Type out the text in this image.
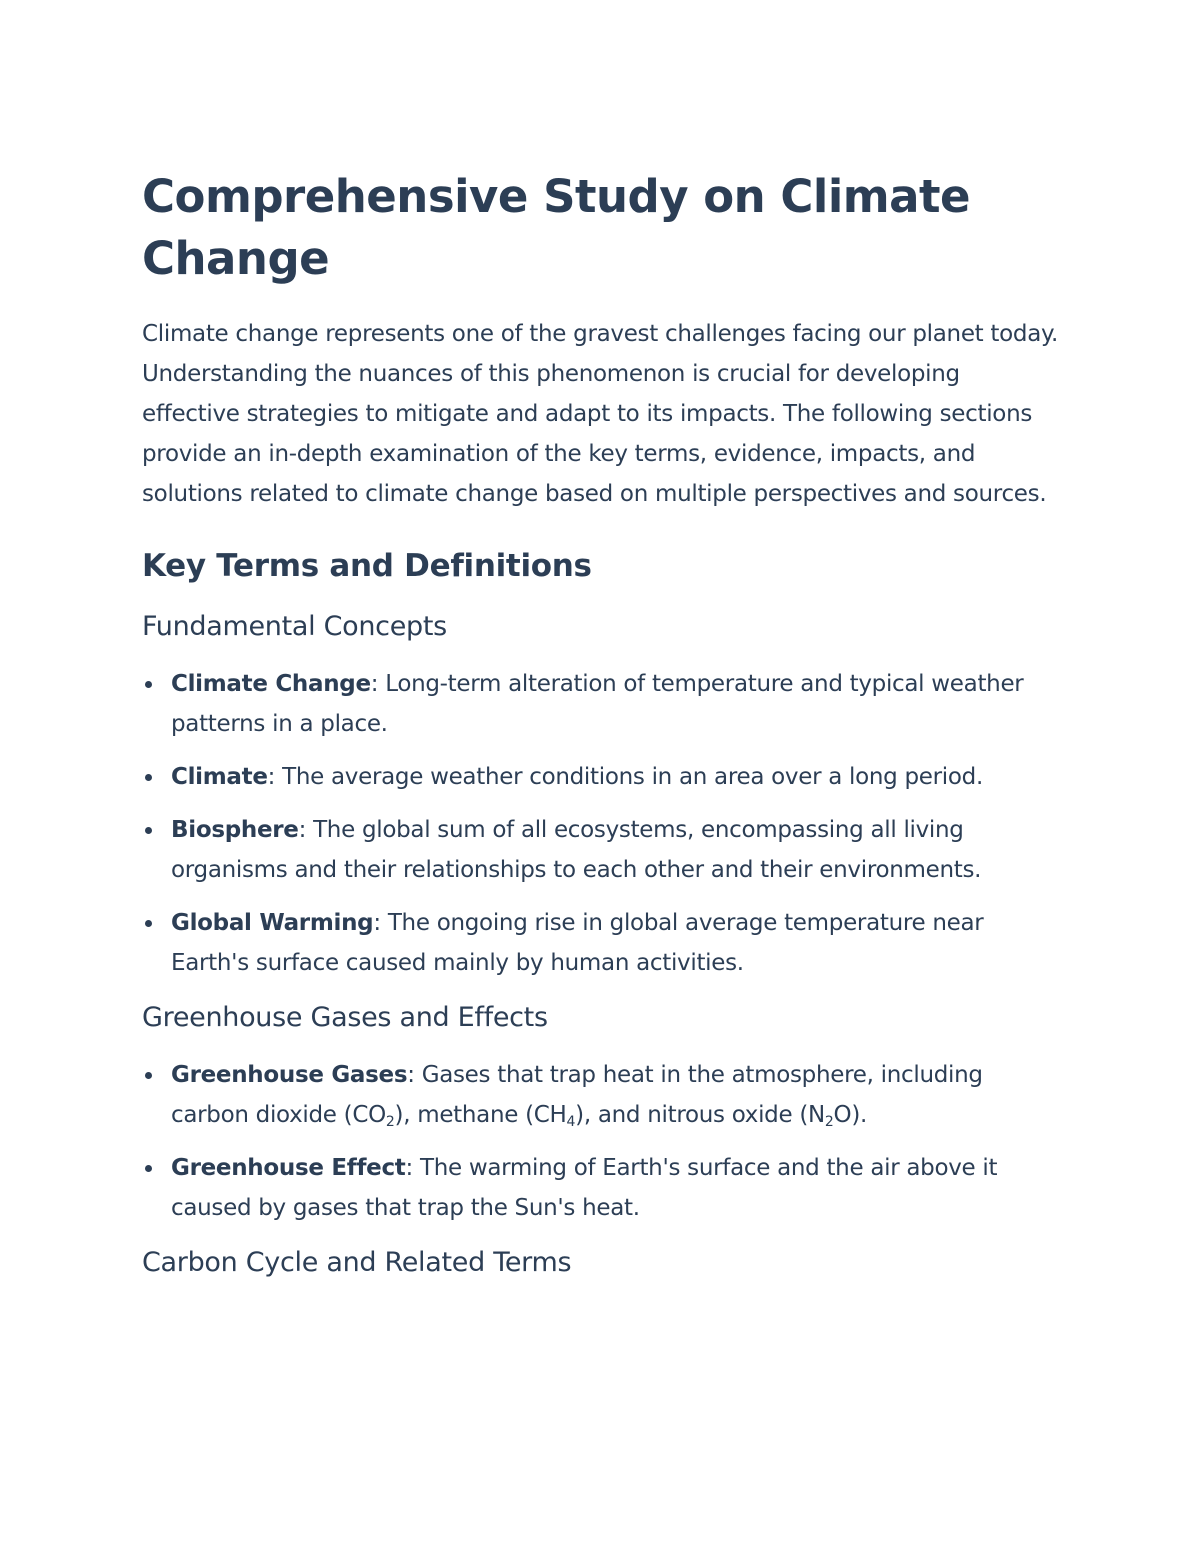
Comprehensive Study on Climate Change

Climate change represents one of the gravest challenges facing our planet today. Understanding the nuances of this phenomenon is crucial for developing effective strategies to mitigate and adapt to its impacts. The following sections provide an in-depth examination of the key terms, evidence, impacts, and solutions related to climate change based on multiple perspectives and sources.

Key Terms and Definitions
Fundamental Concepts
Climate Change: Long-term alteration of temperature and typical weather patterns in a place.
Climate: The average weather conditions in an area over a long period.
Biosphere: The global sum of all ecosystems, encompassing all living organisms and their relationships to each other and their environments.
Global Warming: The ongoing rise in global average temperature near Earth's surface caused mainly by human activities.
Greenhouse Gases and Effects
Greenhouse Gases: Gases that trap heat in the atmosphere, including carbon dioxide $(CO_2)$, methane $(CH_4)$, and nitrous oxide $(N_2O)$.
Greenhouse Effect: The warming of Earth's surface and the air above it caused by gases that trap the Sun's heat.
Carbon Cycle and Related Terms
